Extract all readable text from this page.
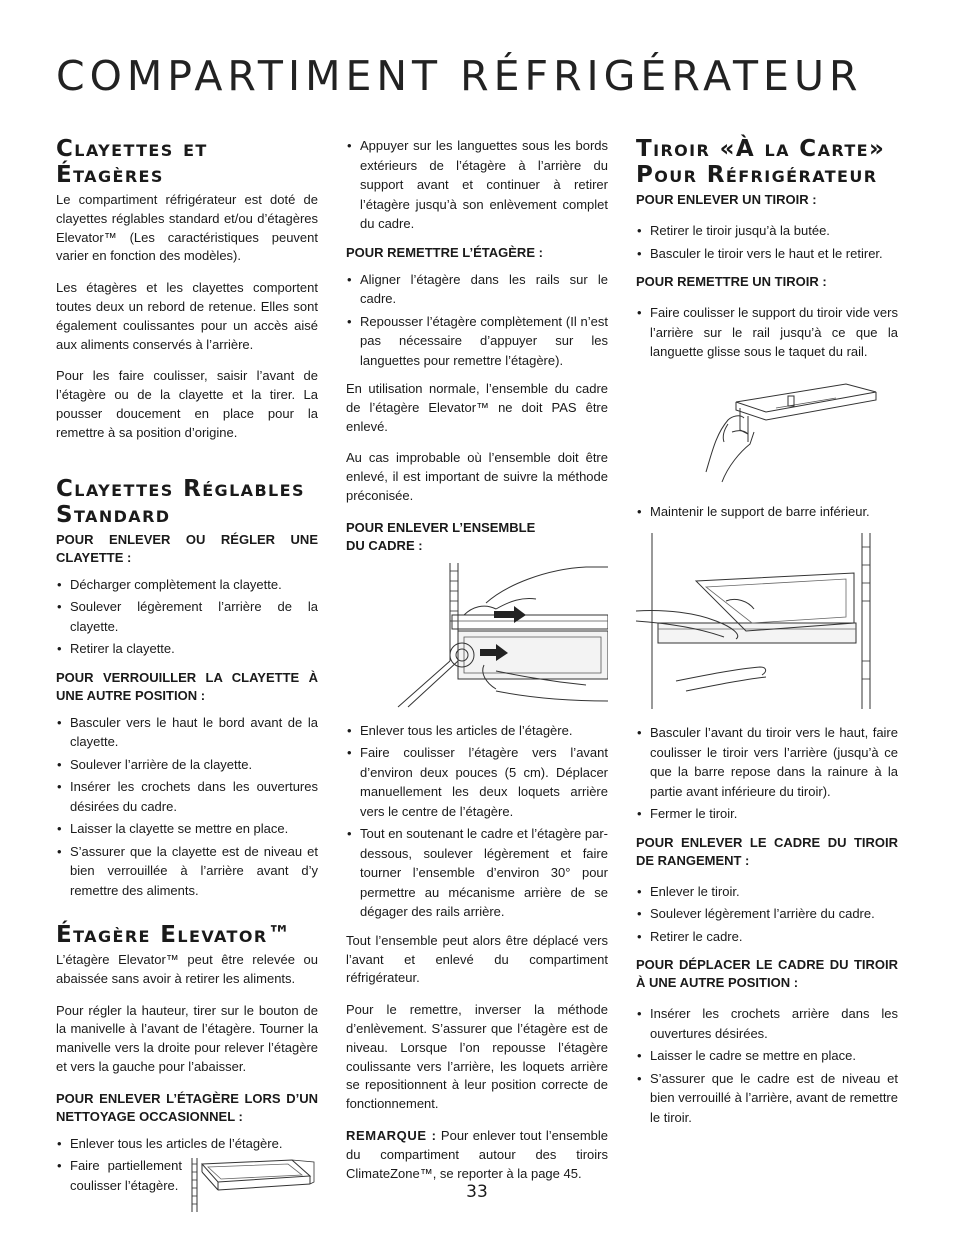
COMPARTIMENT RÉFRIGÉRATEUR
Clayettes et Étagères

Le compartiment réfrigérateur est doté de clayettes réglables standard et/ou d’étagères Elevator™ (Les caractéristiques peuvent varier en fonction des modèles).

Les étagères et les clayettes comportent toutes deux un rebord de retenue. Elles sont également coulissantes pour un accès aisé aux aliments conservés à l’arrière.

Pour les faire coulisser, saisir l’avant de l’étagère ou de la clayette et la tirer. La pousser doucement en place pour la remettre à sa position d’origine.

Clayettes Réglables Standard
POUR ENLEVER OU RÉGLER UNE CLAYETTE :
• Décharger complètement la clayette.
• Soulever légèrement l’arrière de la clayette.
• Retirer la clayette.
POUR VERROUILLER LA CLAYETTE À UNE AUTRE POSITION :
• Basculer vers le haut le bord avant de la clayette.
• Soulever l’arrière de la clayette.
• Insérer les crochets dans les ouvertures désirées du cadre.
• Laisser la clayette se mettre en place.
• S’assurer que la clayette est de niveau et bien verrouillée à l’arrière avant d’y remettre des aliments.
Étagère Elevator™

L’étagère Elevator™ peut être relevée ou abaissée sans avoir à retirer les aliments.

Pour régler la hauteur, tirer sur le bouton de la manivelle à l’avant de l’étagère. Tourner la manivelle vers la droite pour relever l’étagère et vers la gauche pour l’abaisser.

POUR ENLEVER L’ÉTAGÈRE LORS D’UN NETTOYAGE OCCASIONNEL :
• Enlever tous les articles de l’étagère.
• Faire partiellement coulisser l’étagère.
• Appuyer sur les languettes sous les bords extérieurs de l’étagère à l’arrière du support avant et continuer à retirer l’étagère jusqu’à son enlèvement complet du cadre.
POUR REMETTRE L’ÉTAGÈRE :
• Aligner l’étagère dans les rails sur le cadre.
• Repousser l’étagère complètement (Il n’est pas nécessaire d’appuyer sur les languettes pour remettre l’étagère).

En utilisation normale, l’ensemble du cadre de l’étagère Elevator™ ne doit PAS être enlevé.

Au cas improbable où l’ensemble doit être enlevé, il est important de suivre la méthode préconisée.

POUR ENLEVER L’ENSEMBLE
DU CADRE :
• Enlever tous les articles de l’étagère.
• Faire coulisser l’étagère vers l’avant d’environ deux pouces (5 cm). Déplacer manuellement les deux loquets arrière vers le centre de l’étagère.
• Tout en soutenant le cadre et l’étagère par-dessous, soulever légèrement et faire tourner l’ensemble d’environ 30° pour permettre au mécanisme arrière de se dégager des rails arrière.

Tout l’ensemble peut alors être déplacé vers l’avant et enlevé du compartiment réfrigérateur.

Pour le remettre, inverser la méthode d’enlèvement. S’assurer que l’étagère est de niveau. Lorsque l’on repousse l’étagère coulissante vers l’arrière, les loquets arrière se repositionnent à leur position correcte de fonctionnement.

REMARQUE : Pour enlever tout l’ensemble du compartiment autour des tiroirs ClimateZone™, se reporter à la page 45.

Tiroir «À la Carte»
Pour Réfrigérateur
POUR ENLEVER UN TIROIR :
• Retirer le tiroir jusqu’à la butée.
• Basculer le tiroir vers le haut et le retirer.
POUR REMETTRE UN TIROIR :
• Faire coulisser le support du tiroir vide vers l’arrière sur le rail jusqu’à ce que la languette glisse sous le taquet du rail.
• Maintenir le support de barre inférieur.
• Basculer l’avant du tiroir vers le haut, faire coulisser le tiroir vers l’arrière (jusqu’à ce que la barre repose dans la rainure à la partie avant inférieure du tiroir).
• Fermer le tiroir.
POUR ENLEVER LE CADRE DU TIROIR DE RANGEMENT :
• Enlever le tiroir.
• Soulever légèrement l’arrière du cadre.
• Retirer le cadre.
POUR DÉPLACER LE CADRE DU TIROIR À UNE AUTRE POSITION :
• Insérer les crochets arrière dans les ouvertures désirées.
• Laisser le cadre se mettre en place.
• S’assurer que le cadre est de niveau et bien verrouillé à l’arrière, avant de remettre le tiroir.
33
